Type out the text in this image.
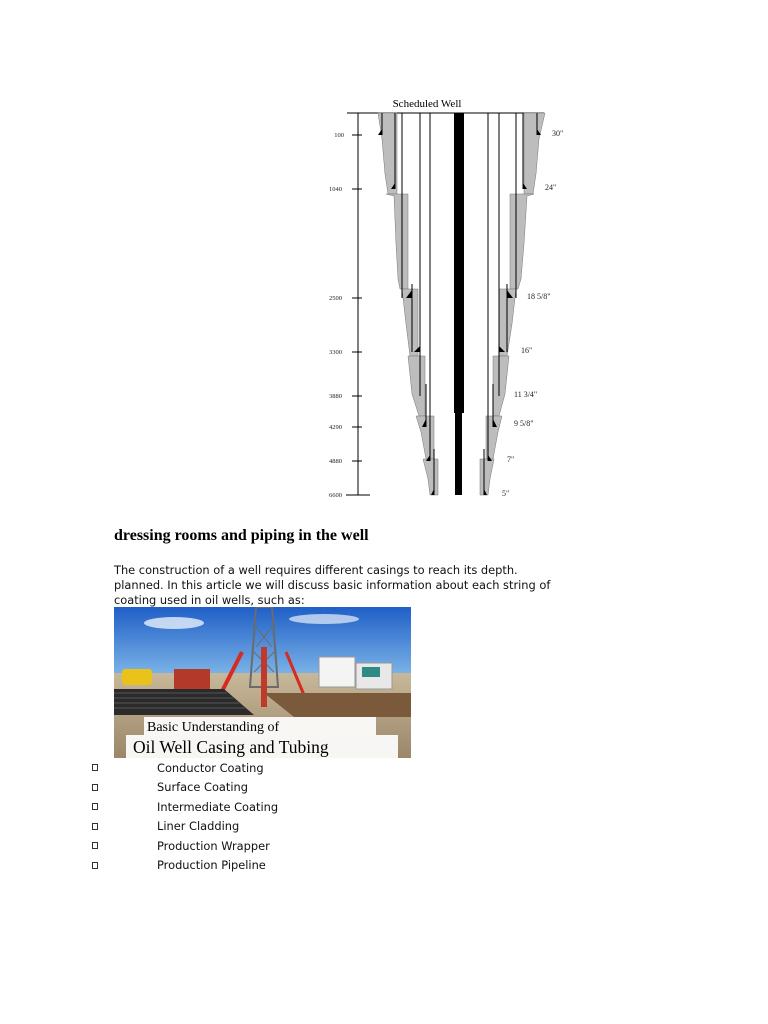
Scheduled Well
100
1040
2500
3300
3880
4290
4880
6600
30"
24"
18 5/8"
16"
11 3/4"
9 5/8"
7"
5"
dressing rooms and piping in the well

The construction of a well requires different casings to reach its depth.
planned. In this article we will discuss basic information about each string of
coating used in oil wells, such as:

Basic Understanding of
Oil Well Casing and Tubing
Conductor Coating
Surface Coating
Intermediate Coating
Liner Cladding
Production Wrapper
Production Pipeline
